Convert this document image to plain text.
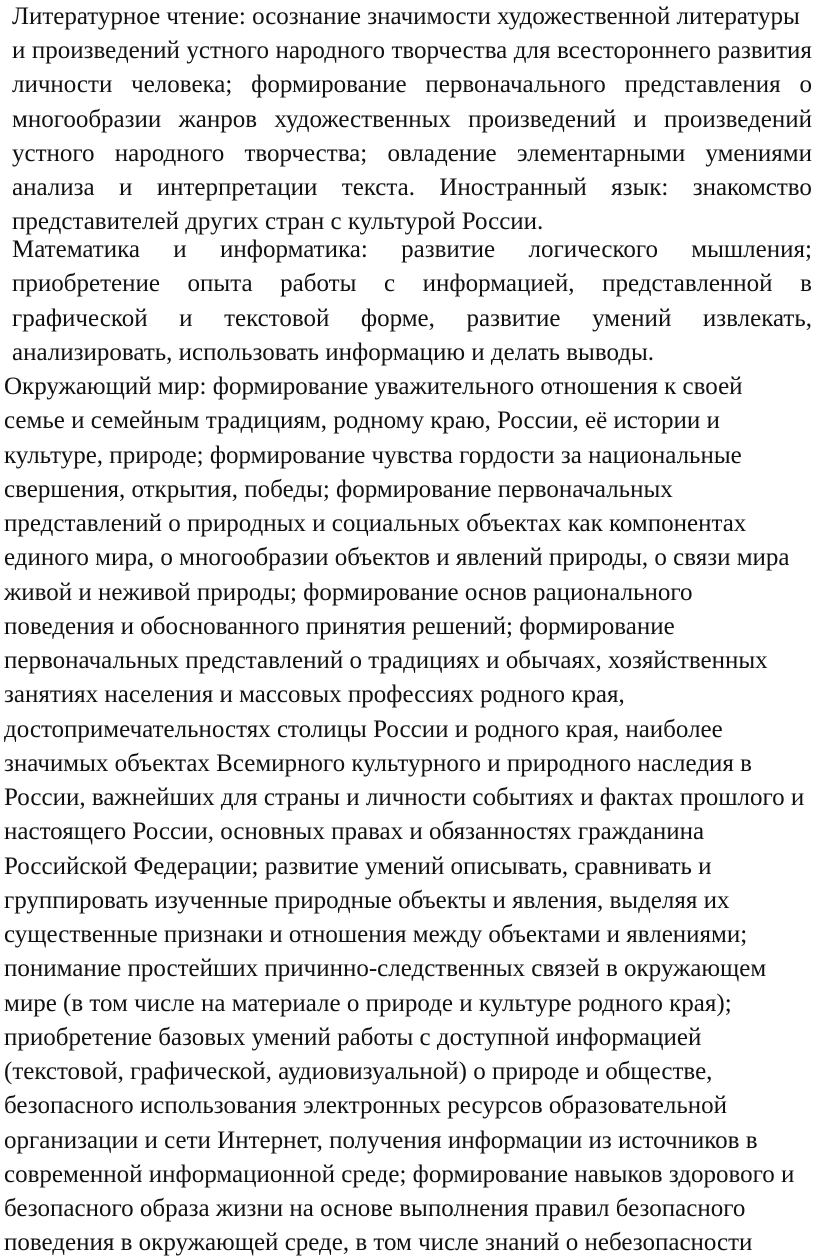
Литературное чтение: осознание значимости художественной литературы
и произведений устного народного творчества для всестороннего развития
личности человека; формирование первоначального представления о
многообразии жанров художественных произведений и произведений
устного народного творчества; овладение элементарными умениями
анализа и интерпретации текста. Иностранный язык: знакомство
представителей других стран с культурой России.
Математика и информатика: развитие логического мышления;
приобретение опыта работы с информацией, представленной в
графической и текстовой форме, развитие умений извлекать,
анализировать, использовать информацию и делать выводы.
Окружающий мир: формирование уважительного отношения к своей
семье и семейным традициям, родному краю, России, её истории и
культуре, природе; формирование чувства гордости за национальные
свершения, открытия, победы; формирование первоначальных
представлений о природных и социальных объектах как компонентах
единого мира, о многообразии объектов и явлений природы, о связи мира
живой и неживой природы; формирование основ рационального
поведения и обоснованного принятия решений; формирование
первоначальных представлений о традициях и обычаях, хозяйственных
занятиях населения и массовых профессиях родного края,
достопримечательностях столицы России и родного края, наиболее
значимых объектах Всемирного культурного и природного наследия в
России, важнейших для страны и личности событиях и фактах прошлого и
настоящего России, основных правах и обязанностях гражданина
Российской Федерации; развитие умений описывать, сравнивать и
группировать изученные природные объекты и явления, выделяя их
существенные признаки и отношения между объектами и явлениями;
понимание простейших причинно-следственных связей в окружающем
мире (в том числе на материале о природе и культуре родного края);
приобретение базовых умений работы с доступной информацией
(текстовой, графической, аудиовизуальной) о природе и обществе,
безопасного использования электронных ресурсов образовательной
организации и сети Интернет, получения информации из источников в
современной информационной среде; формирование навыков здорового и
безопасного образа жизни на основе выполнения правил безопасного
поведения в окружающей среде, в том числе знаний о небезопасности
